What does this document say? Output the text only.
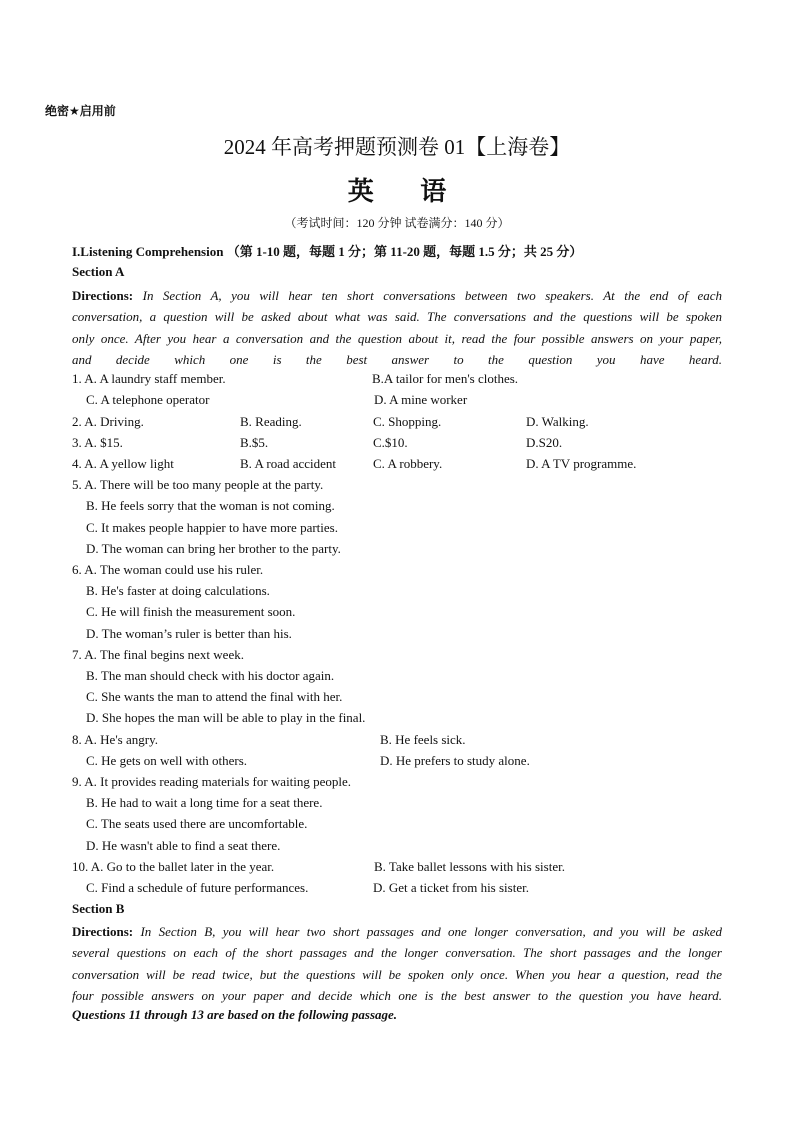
绝密★启用前
2024 年高考押题预测卷 01【上海卷】
英 语
（考试时间：120 分钟 试卷满分：140 分）
I.Listening Comprehension （第 1-10 题，每题 1 分；第 11-20 题，每题 1.5 分；共 25 分）
Section A
Directions: In Section A, you will hear ten short conversations between two speakers. At the end of each
conversation, a question will be asked about what was said. The conversations and the questions will be spoken
only once. After you hear a conversation and the question about it, read the four possible answers on your paper,
and decide which one is the best answer to the question you have heard.
1. A. A laundry staff member.	B.A tailor for men's clothes.
C. A telephone operator	D. A mine worker
2. A. Driving.	B. Reading.	C. Shopping.	D. Walking.
3. A. $15.	B.$5.	C.$10.	D.S20.
4. A. A yellow light	B. A road accident	C. A robbery.	D. A TV programme.
5. A. There will be too many people at the party.
B. He feels sorry that the woman is not coming.
C. It makes people happier to have more parties.
D. The woman can bring her brother to the party.
6. A. The woman could use his ruler.
B. He's faster at doing calculations.
C. He will finish the measurement soon.
D. The woman’s ruler is better than his.
7. A. The final begins next week.
B. The man should check with his doctor again.
C. She wants the man to attend the final with her.
D. She hopes the man will be able to play in the final.
8. A. He's angry.	B. He feels sick.
C. He gets on well with others.	D. He prefers to study alone.
9. A. It provides reading materials for waiting people.
B. He had to wait a long time for a seat there.
C. The seats used there are uncomfortable.
D. He wasn't able to find a seat there.
10. A. Go to the ballet later in the year.	B. Take ballet lessons with his sister.
C. Find a schedule of future performances.	D. Get a ticket from his sister.
Section B
Directions: In Section B, you will hear two short passages and one longer conversation, and you will be asked
several questions on each of the short passages and the longer conversation. The short passages and the longer
conversation will be read twice, but the questions will be spoken only once. When you hear a question, read the
four possible answers on your paper and decide which one is the best answer to the question you have heard.
Questions 11 through 13 are based on the following passage.
